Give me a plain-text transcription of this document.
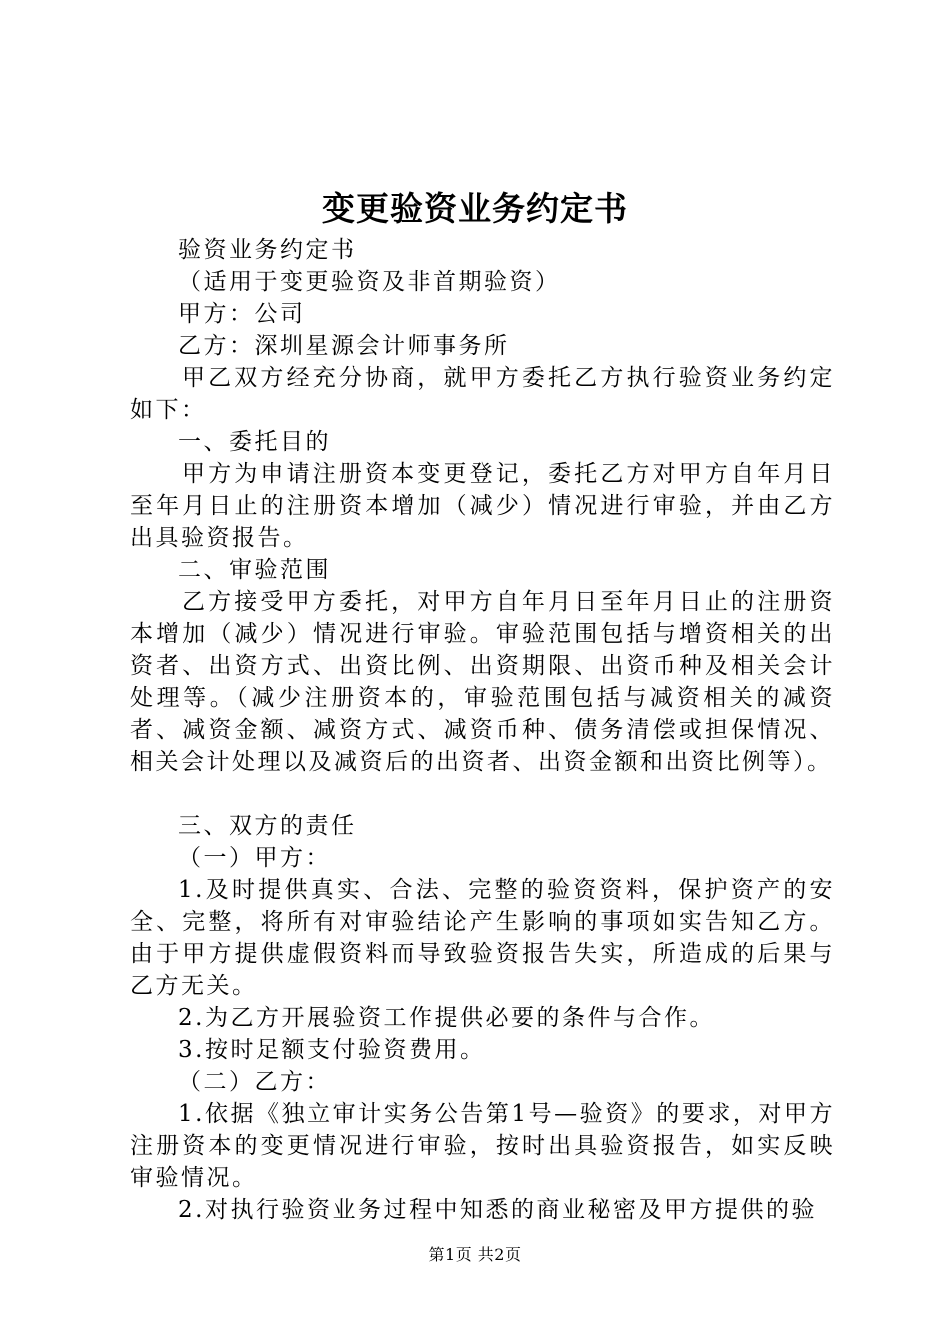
变更验资业务约定书

验资业务约定书

（适用于变更验资及非首期验资）

甲方：公司

乙方：深圳星源会计师事务所

甲乙双方经充分协商，就甲方委托乙方执行验资业务约定如下：

一、委托目的

甲方为申请注册资本变更登记，委托乙方对甲方自年月日至年月日止的注册资本增加（减少）情况进行审验，并由乙方出具验资报告。

二、审验范围

乙方接受甲方委托，对甲方自年月日至年月日止的注册资本增加（减少）情况进行审验。审验范围包括与增资相关的出资者、出资方式、出资比例、出资期限、出资币种及相关会计处理等。（减少注册资本的，审验范围包括与减资相关的减资者、减资金额、减资方式、减资币种、债务清偿或担保情况、相关会计处理以及减资后的出资者、出资金额和出资比例等）。

三、双方的责任

（一）甲方：

1.及时提供真实、合法、完整的验资资料，保护资产的安全、完整，将所有对审验结论产生影响的事项如实告知乙方。由于甲方提供虚假资料而导致验资报告失实，所造成的后果与乙方无关。

2.为乙方开展验资工作提供必要的条件与合作。

3.按时足额支付验资费用。

（二）乙方：

1.依据《独立审计实务公告第1号—验资》的要求，对甲方注册资本的变更情况进行审验，按时出具验资报告，如实反映审验情况。

2.对执行验资业务过程中知悉的商业秘密及甲方提供的验

第1页 共2页
